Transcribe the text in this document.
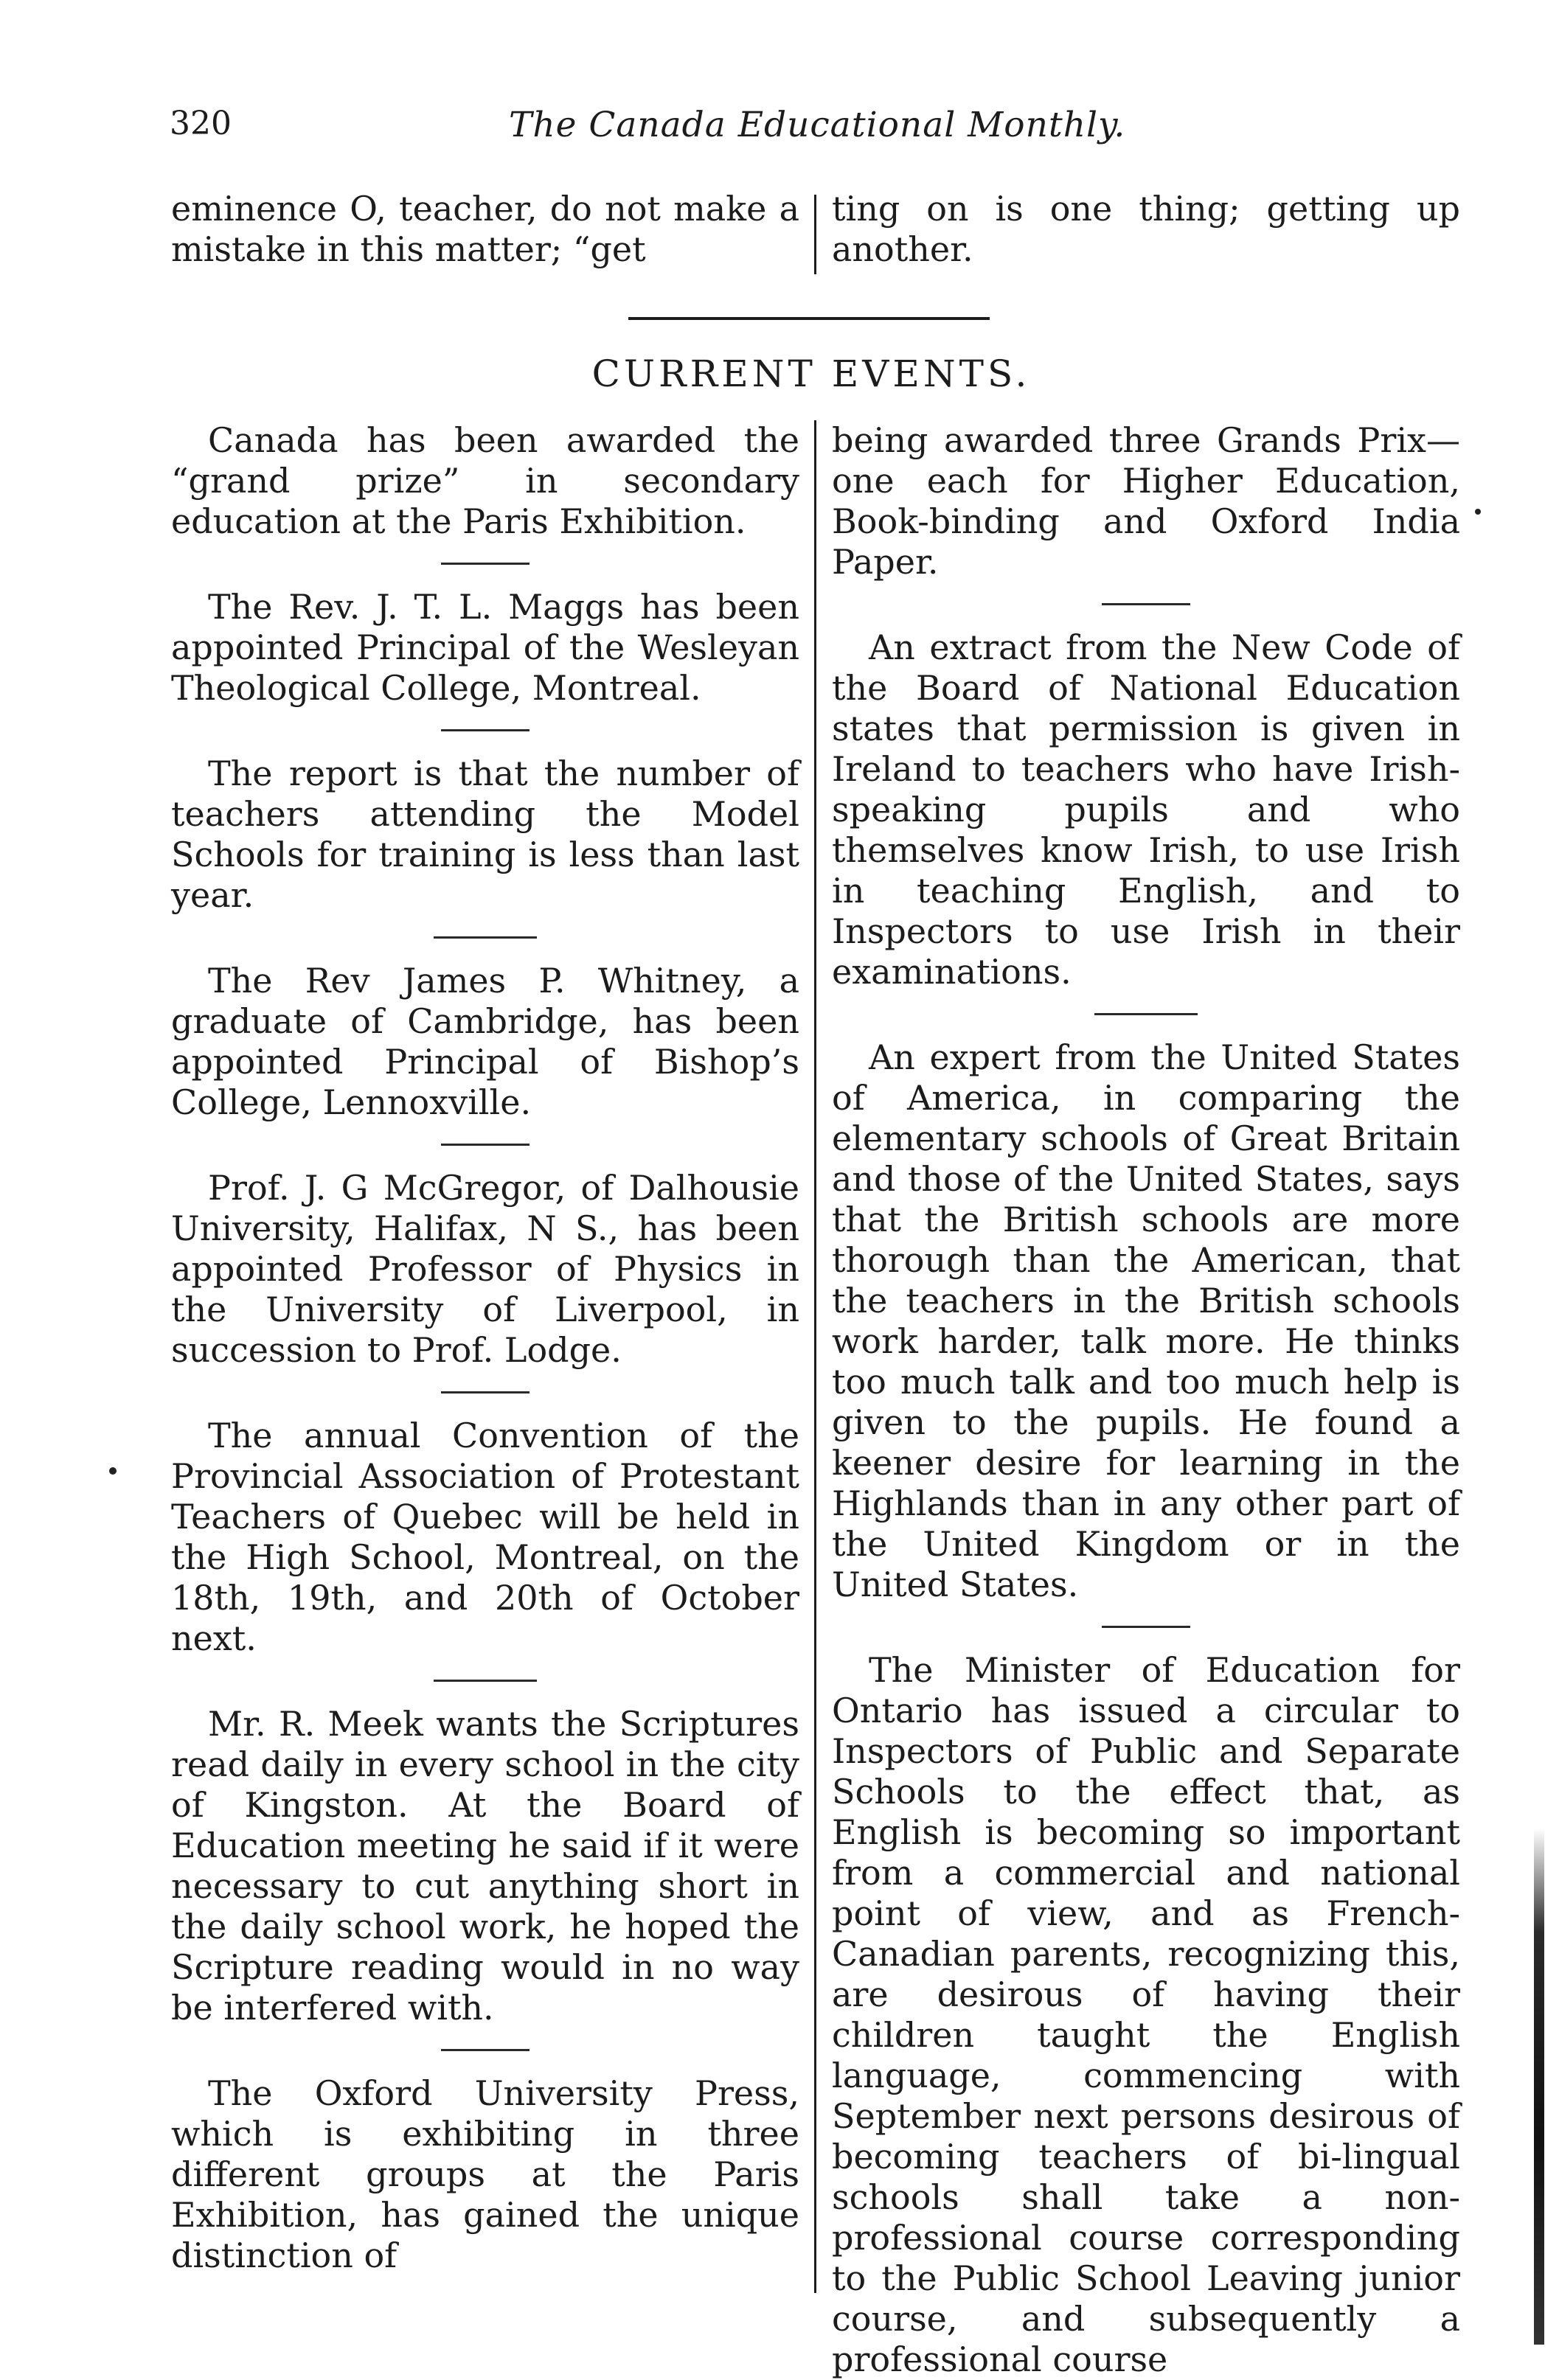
320	The Canada Educational Monthly.

eminence O, teacher, do not make a mistake in this matter; “get

ting on is one thing; getting up another.

CURRENT EVENTS.

Canada has been awarded the “grand prize” in secondary education at the Paris Exhibition.

The Rev. J. T. L. Maggs has been appointed Principal of the Wesleyan Theological College, Montreal.

The report is that the number of teachers attending the Model Schools for training is less than last year.

The Rev James P. Whitney, a graduate of Cambridge, has been appointed Principal of Bishop’s College, Lennoxville.

Prof. J. G McGregor, of Dalhousie University, Halifax, N S., has been appointed Professor of Physics in the University of Liverpool, in succession to Prof. Lodge.

The annual Convention of the Provincial Association of Protestant Teachers of Quebec will be held in the High School, Montreal, on the 18th, 19th, and 20th of October next.

Mr. R. Meek wants the Scriptures read daily in every school in the city of Kingston. At the Board of Education meeting he said if it were necessary to cut anything short in the daily school work, he hoped the Scripture reading would in no way be interfered with.

The Oxford University Press, which is exhibiting in three different groups at the Paris Exhibition, has gained the unique distinction of

being awarded three Grands Prix—one each for Higher Education, Book-binding and Oxford India Paper.

An extract from the New Code of the Board of National Education states that permission is given in Ireland to teachers who have Irish-speaking pupils and who themselves know Irish, to use Irish in teaching English, and to Inspectors to use Irish in their examinations.

An expert from the United States of America, in comparing the elementary schools of Great Britain and those of the United States, says that the British schools are more thorough than the American, that the teachers in the British schools work harder, talk more. He thinks too much talk and too much help is given to the pupils. He found a keener desire for learning in the Highlands than in any other part of the United Kingdom or in the United States.

The Minister of Education for Ontario has issued a circular to Inspectors of Public and Separate Schools to the effect that, as English is becoming so important from a commercial and national point of view, and as French-Canadian parents, recognizing this, are desirous of having their children taught the English language, commencing with September next persons desirous of becoming teachers of bi-lingual schools shall take a non-professional course corresponding to the Public School Leaving junior course, and subsequently a professional course
